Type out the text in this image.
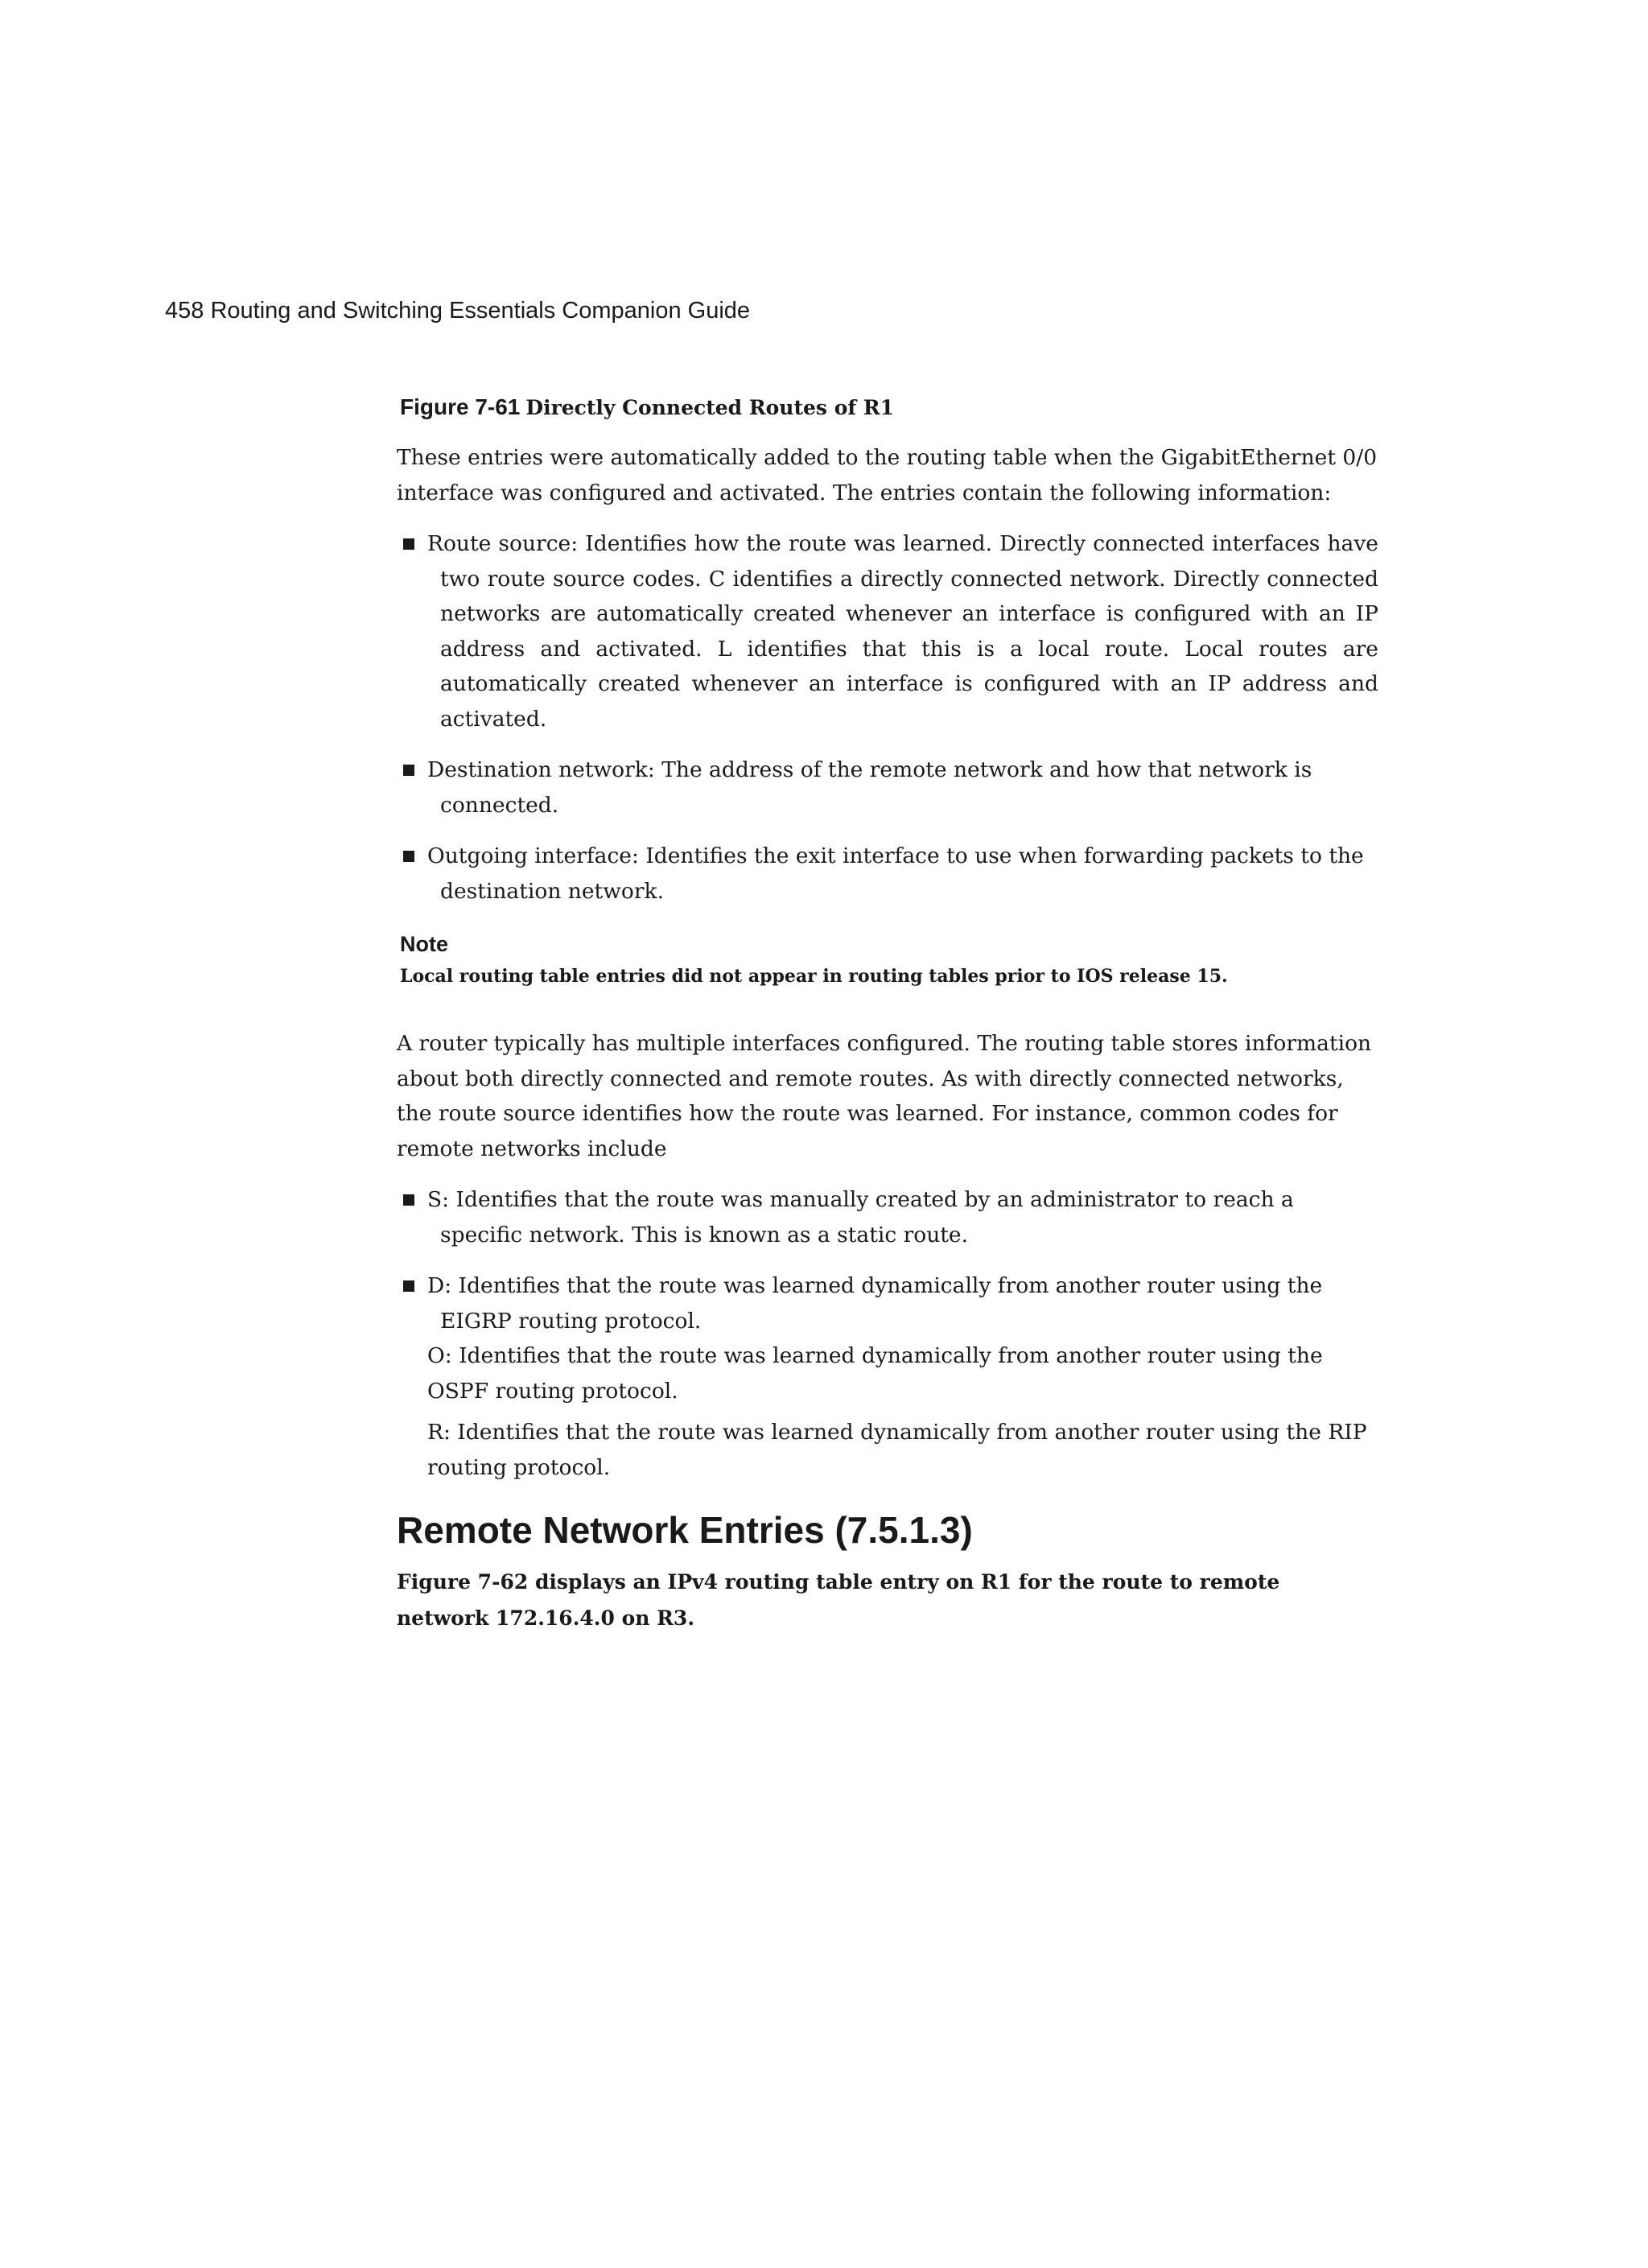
458 Routing and Switching Essentials Companion Guide
Figure 7-61 Directly Connected Routes of R1

These entries were automatically added to the routing table when the GigabitEthernet 0/0 interface was configured and activated. The entries contain the following information:

Route source: Identifies how the route was learned. Directly connected interfaces have two route source codes. C identifies a directly connected network. Directly connected networks are automatically created whenever an interface is configured with an IP address and activated. L identifies that this is a local route. Local routes are automatically created whenever an interface is configured with an IP address and activated.
Destination network: The address of the remote network and how that network is connected.
Outgoing interface: Identifies the exit interface to use when forwarding packets to the destination network.
Note
Local routing table entries did not appear in routing tables prior to IOS release 15.

A router typically has multiple interfaces configured. The routing table stores information about both directly connected and remote routes. As with directly connected networks, the route source identifies how the route was learned. For instance, common codes for remote networks include

S: Identifies that the route was manually created by an administrator to reach a specific network. This is known as a static route.
D: Identifies that the route was learned dynamically from another router using the EIGRP routing protocol.
O: Identifies that the route was learned dynamically from another router using the OSPF routing protocol.
R: Identifies that the route was learned dynamically from another router using the RIP routing protocol.
Remote Network Entries (7.5.1.3)

Figure 7-62 displays an IPv4 routing table entry on R1 for the route to remote network 172.16.4.0 on R3.
